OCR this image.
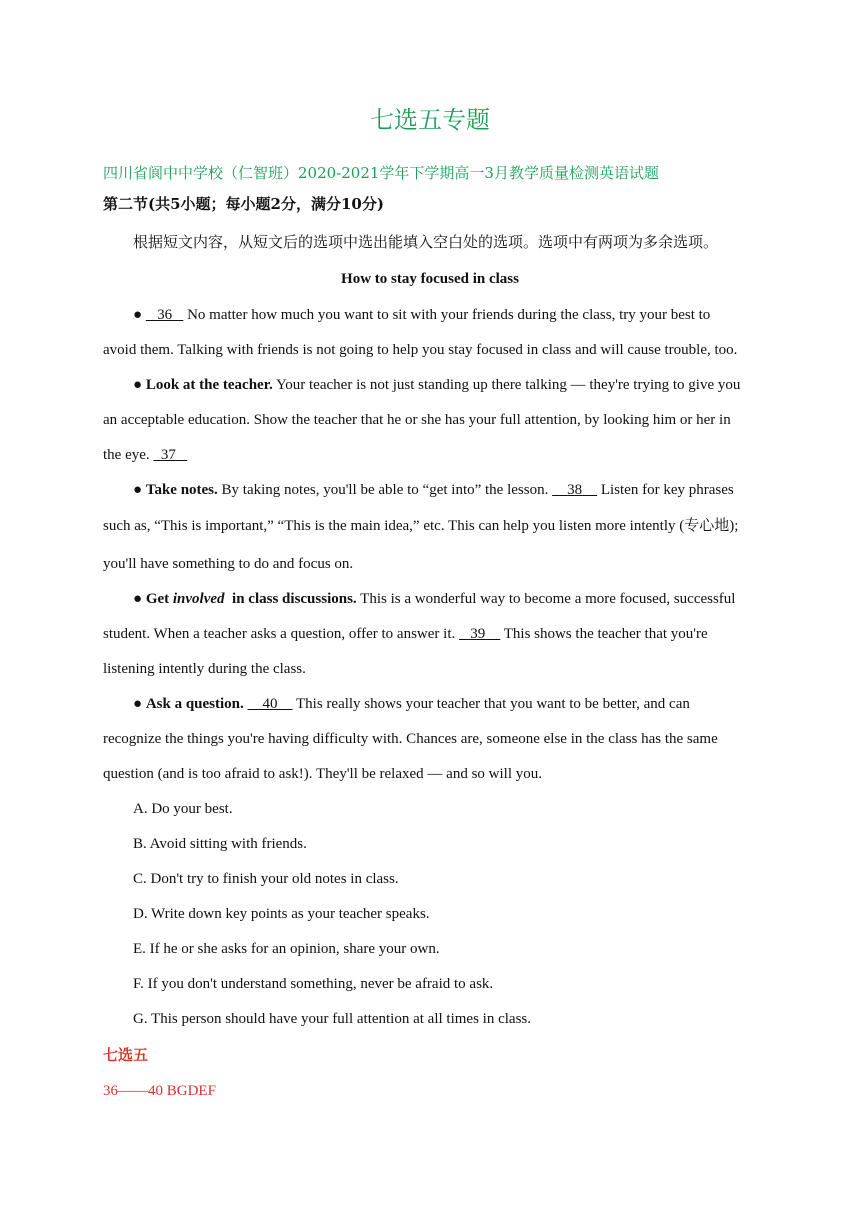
七选五专题
四川省阆中中学校（仁智班）2020-2021学年下学期高一3月教学质量检测英语试题
第二节(共5小题；每小题2分，满分10分)
根据短文内容，从短文后的选项中选出能填入空白处的选项。选项中有两项为多余选项。
How to stay focused in class
● 36    No matter how much you want to sit with your friends during the class, try your best to
avoid them. Talking with friends is not going to help you stay focused in class and will cause trouble, too.
● Look at the teacher. Your teacher is not just standing up there talking — they're trying to give you
an acceptable education. Show the teacher that he or she has your full attention, by looking him or her in
the eye.   37
● Take notes. By taking notes, you'll be able to “get into” the lesson.     38     Listen for key phrases
such as, “This is important,” “This is the main idea,” etc. This can help you listen more intently (专心地);
you'll have something to do and focus on.
● Get involved  in class discussions. This is a wonderful way to become a more focused, successful
student. When a teacher asks a question, offer to answer it.    39     This shows the teacher that you're
listening intently during the class.
● Ask a question. 40     This really shows your teacher that you want to be better, and can
recognize the things you're having difficulty with. Chances are, someone else in the class has the same
question (and is too afraid to ask!). They'll be relaxed — and so will you.
A. Do your best.
B. Avoid sitting with friends.
C. Don't try to finish your old notes in class.
D. Write down key points as your teacher speaks.
E. If he or she asks for an opinion, share your own.
F. If you don't understand something, never be afraid to ask.
G. This person should have your full attention at all times in class.
七选五
36——40 BGDEF
